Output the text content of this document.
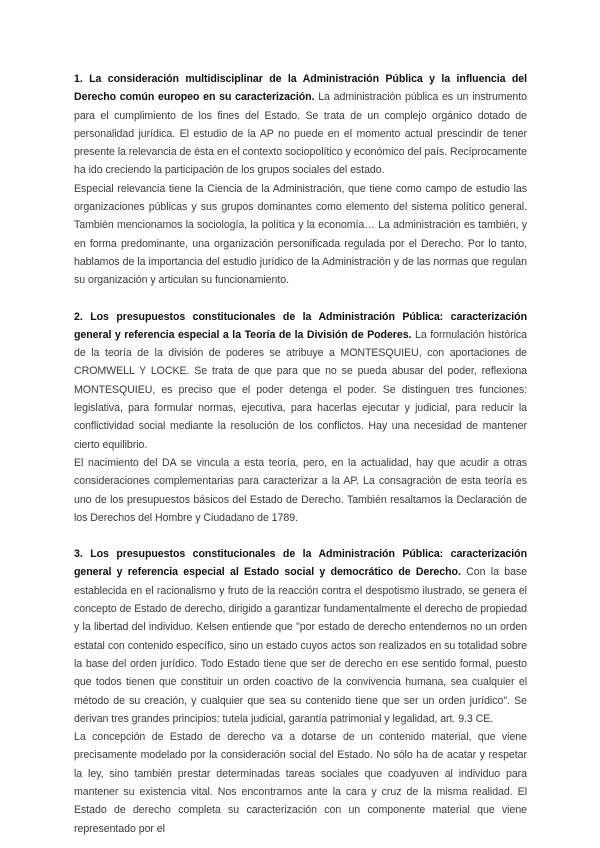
1. La consideración multidisciplinar de la Administración Pública y la influencia del Derecho común europeo en su caracterización. La administración pública es un instrumento para el cumplimiento de los fines del Estado. Se trata de un complejo orgánico dotado de personalidad jurídica. El estudio de la AP no puede en el momento actual prescindir de tener presente la relevancia de ésta en el contexto sociopolítico y económico del país. Recíprocamente ha ido creciendo la participación de los grupos sociales del estado.

Especial relevancia tiene la Ciencia de la Administración, que tiene como campo de estudio las organizaciones públicas y sus grupos dominantes como elemento del sistema político general. También mencionamos la sociología, la política y la economía… La administración es también, y en forma predominante, una organización personificada regulada por el Derecho. Por lo tanto, hablamos de la importancia del estudio jurídico de la Administración y de las normas que regulan su organización y articulan su funcionamiento.

2. Los presupuestos constitucionales de la Administración Pública: caracterización general y referencia especial a la Teoría de la División de Poderes. La formulación histórica de la teoría de la división de poderes se atribuye a MONTESQUIEU, con aportaciones de CROMWELL Y LOCKE. Se trata de que para que no se pueda abusar del poder, reflexiona MONTESQUIEU, es preciso que el poder detenga el poder. Se distinguen tres funciones: legislativa, para formular normas, ejecutiva, para hacerlas ejecutar y judicial, para reducir la conflictividad social mediante la resolución de los conflictos. Hay una necesidad de mantener cierto equilibrio.

El nacimiento del DA se vincula a esta teoría, pero, en la actualidad, hay que acudir a otras consideraciones complementarias para caracterizar a la AP. La consagración de esta teoría es uno de los presupuestos básicos del Estado de Derecho. También resaltamos la Declaración de los Derechos del Hombre y Ciudadano de 1789.

3. Los presupuestos constitucionales de la Administración Pública: caracterización general y referencia especial al Estado social y democrático de Derecho. Con la base establecida en el racionalismo y fruto de la reacción contra el despotismo ilustrado, se genera el concepto de Estado de derecho, dirigido a garantizar fundamentalmente el derecho de propiedad y la libertad del individuo. Kelsen entiende que "por estado de derecho entendemos no un orden estatal con contenido específico, sino un estado cuyos actos son realizados en su totalidad sobre la base del orden jurídico. Todo Estado tiene que ser de derecho en ese sentido formal, puesto que todos tienen que constituir un orden coactivo de la convivencia humana, sea cualquier el método de su creación, y cualquier que sea su contenido tiene que ser un orden jurídico". Se derivan tres grandes principios: tutela judicial, garantía patrimonial y legalidad, art. 9.3 CE.

La concepción de Estado de derecho va a dotarse de un contenido material, que viene precisamente modelado por la consideración social del Estado. No sólo ha de acatar y respetar la ley, sino también prestar determinadas tareas sociales que coadyuven al individuo para mantener su existencia vital. Nos encontramos ante la cara y cruz de la misma realidad. El Estado de derecho completa su caracterización con un componente material que viene representado por el
